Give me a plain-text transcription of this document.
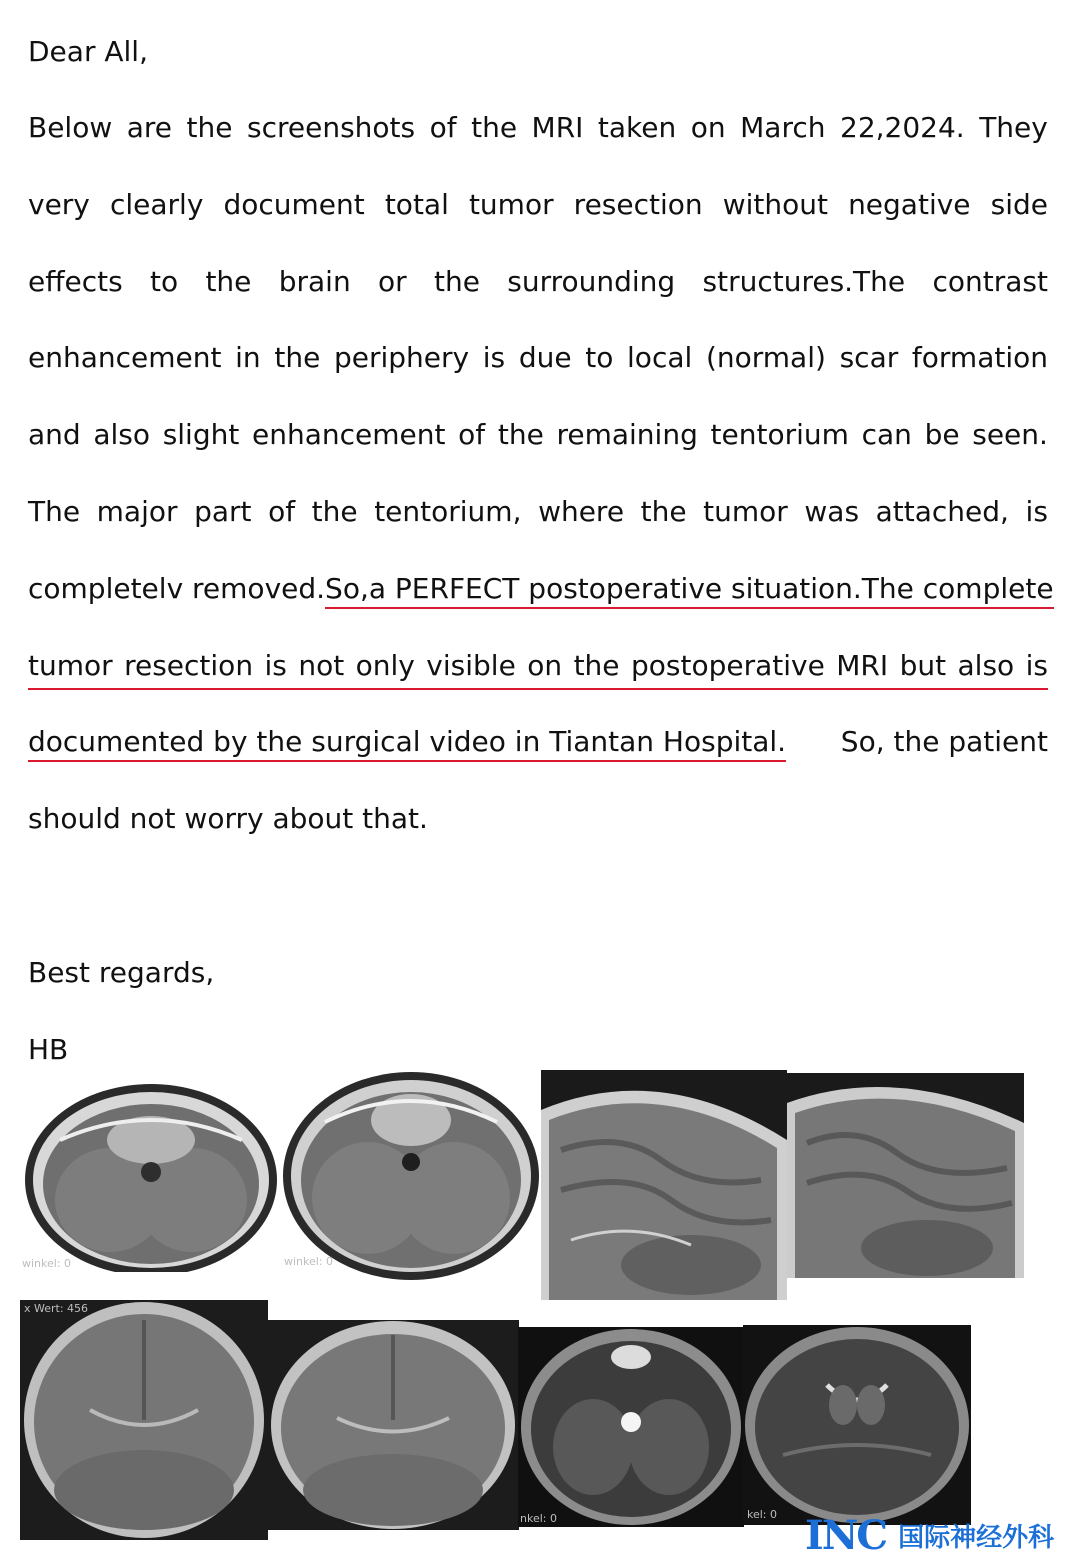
Dear All,
Below are the screenshots of the MRI taken on March 22,2024. They
very clearly document total tumor resection without negative side
effects to the brain or the surrounding structures.The contrast
enhancement in the periphery is due to local (normal) scar formation
and also slight enhancement of the remaining tentorium can be seen.
The major part of the tentorium, where the tumor was attached, is
completelv removed.So,a PERFECT postoperative situation.The complete
tumor resection is not only visible on the postoperative MRI but also is
documented by the surgical video in Tiantan Hospital. So, the patient
should not worry about that.
Best regards,
HB
winkel: 0	winkel: 0
x Wert: 456
nkel: 0	kel: 0 INC 国际神经外科
